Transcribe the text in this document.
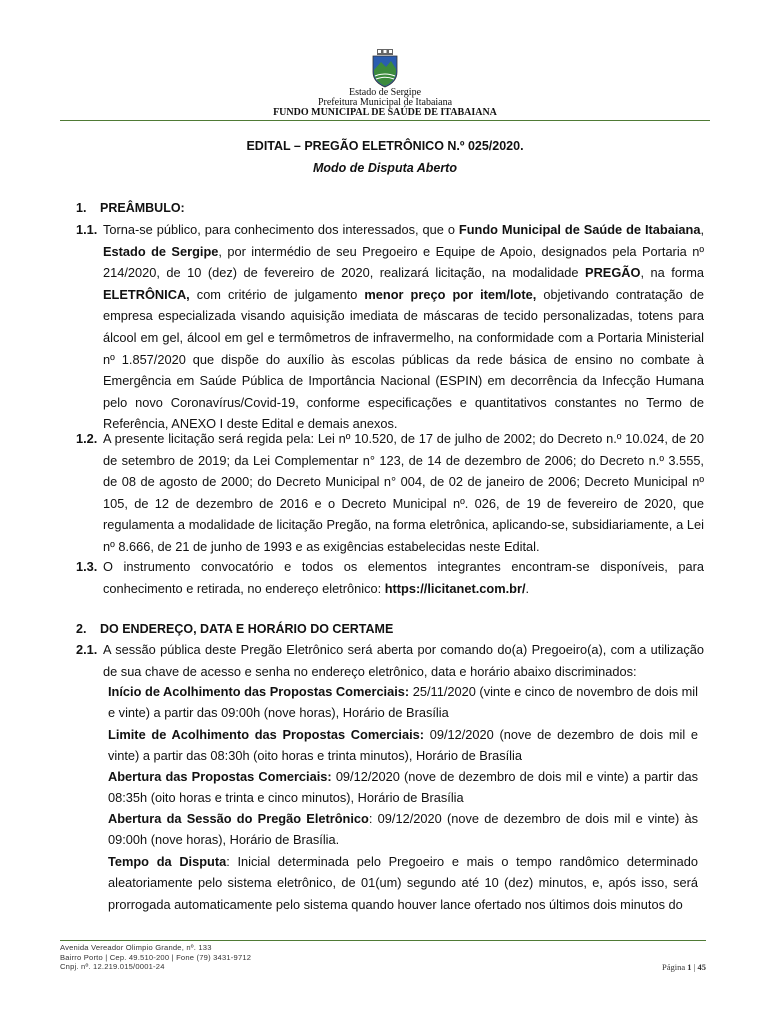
Estado de Sergipe
Prefeitura Municipal de Itabaiana
FUNDO MUNICIPAL DE SAÚDE DE ITABAIANA
EDITAL – PREGÃO ELETRÔNICO N.º 025/2020.
Modo de Disputa Aberto
1. PREÂMBULO:
1.1. Torna-se público, para conhecimento dos interessados, que o Fundo Municipal de Saúde de Itabaiana, Estado de Sergipe, por intermédio de seu Pregoeiro e Equipe de Apoio, designados pela Portaria nº 214/2020, de 10 (dez) de fevereiro de 2020, realizará licitação, na modalidade PREGÃO, na forma ELETRÔNICA, com critério de julgamento menor preço por item/lote, objetivando contratação de empresa especializada visando aquisição imediata de máscaras de tecido personalizadas, totens para álcool em gel, álcool em gel e termômetros de infravermelho, na conformidade com a Portaria Ministerial nº 1.857/2020 que dispõe do auxílio às escolas públicas da rede básica de ensino no combate à Emergência em Saúde Pública de Importância Nacional (ESPIN) em decorrência da Infecção Humana pelo novo Coronavírus/Covid-19, conforme especificações e quantitativos constantes no Termo de Referência, ANEXO I deste Edital e demais anexos.
1.2. A presente licitação será regida pela: Lei nº 10.520, de 17 de julho de 2002; do Decreto n.º 10.024, de 20 de setembro de 2019; da Lei Complementar n° 123, de 14 de dezembro de 2006; do Decreto n.º 3.555, de 08 de agosto de 2000; do Decreto Municipal n° 004, de 02 de janeiro de 2006; Decreto Municipal nº 105, de 12 de dezembro de 2016 e o Decreto Municipal nº. 026, de 19 de fevereiro de 2020, que regulamenta a modalidade de licitação Pregão, na forma eletrônica, aplicando-se, subsidiariamente, a Lei nº 8.666, de 21 de junho de 1993 e as exigências estabelecidas neste Edital.
1.3. O instrumento convocatório e todos os elementos integrantes encontram-se disponíveis, para conhecimento e retirada, no endereço eletrônico: https://licitanet.com.br/.
2. DO ENDEREÇO, DATA E HORÁRIO DO CERTAME
2.1. A sessão pública deste Pregão Eletrônico será aberta por comando do(a) Pregoeiro(a), com a utilização de sua chave de acesso e senha no endereço eletrônico, data e horário abaixo discriminados:
Início de Acolhimento das Propostas Comerciais: 25/11/2020 (vinte e cinco de novembro de dois mil e vinte) a partir das 09:00h (nove horas), Horário de Brasília
Limite de Acolhimento das Propostas Comerciais: 09/12/2020 (nove de dezembro de dois mil e vinte) a partir das 08:30h (oito horas e trinta minutos), Horário de Brasília
Abertura das Propostas Comerciais: 09/12/2020 (nove de dezembro de dois mil e vinte) a partir das 08:35h (oito horas e trinta e cinco minutos), Horário de Brasília
Abertura da Sessão do Pregão Eletrônico: 09/12/2020 (nove de dezembro de dois mil e vinte) às 09:00h (nove horas), Horário de Brasília.
Tempo da Disputa: Inicial determinada pelo Pregoeiro e mais o tempo randômico determinado aleatoriamente pelo sistema eletrônico, de 01(um) segundo até 10 (dez) minutos, e, após isso, será prorrogada automaticamente pelo sistema quando houver lance ofertado nos últimos dois minutos do
Avenida Vereador Olimpio Grande, nº. 133
Bairro Porto | Cep. 49.510-200 | Fone (79) 3431-9712
Cnpj. nº. 12.219.015/0001-24	Página 1 | 45
